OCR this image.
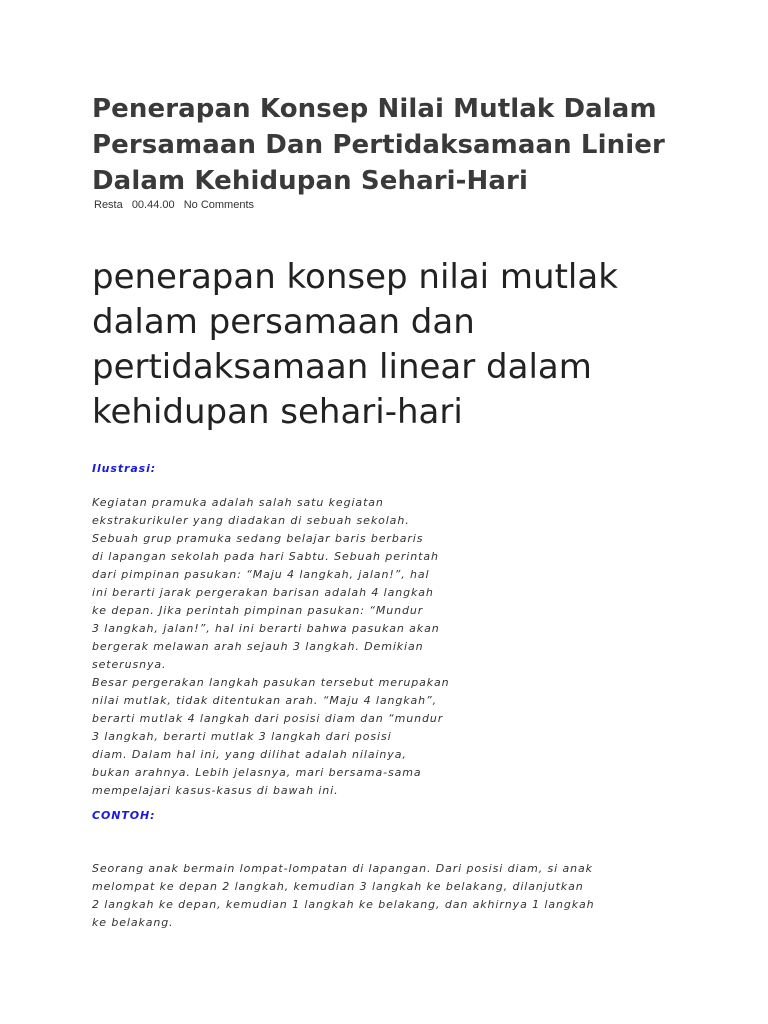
Penerapan Konsep Nilai Mutlak Dalam
Persamaan Dan Pertidaksamaan Linier
Dalam Kehidupan Sehari-Hari
Resta 00.44.00 No Comments
penerapan konsep nilai mutlak
dalam persamaan dan
pertidaksamaan linear dalam
kehidupan sehari-hari
Ilustrasi:
Kegiatan pramuka adalah salah satu kegiatan
ekstrakurikuler yang diadakan di sebuah sekolah.
Sebuah grup pramuka sedang belajar baris berbaris
di lapangan sekolah pada hari Sabtu. Sebuah perintah
dari pimpinan pasukan: “Maju 4 langkah, jalan!”, hal
ini berarti jarak pergerakan barisan adalah 4 langkah
ke depan. Jika perintah pimpinan pasukan: “Mundur
3 langkah, jalan!”, hal ini berarti bahwa pasukan akan
bergerak melawan arah sejauh 3 langkah. Demikian
seterusnya.
Besar pergerakan langkah pasukan tersebut merupakan
nilai mutlak, tidak ditentukan arah. “Maju 4 langkah”,
berarti mutlak 4 langkah dari posisi diam dan “mundur
3 langkah, berarti mutlak 3 langkah dari posisi
diam. Dalam hal ini, yang dilihat adalah nilainya,
bukan arahnya. Lebih jelasnya, mari bersama-sama
mempelajari kasus-kasus di bawah ini.
CONTOH:
Seorang anak bermain lompat-lompatan di lapangan. Dari posisi diam, si anak
melompat ke depan 2 langkah, kemudian 3 langkah ke belakang, dilanjutkan
2 langkah ke depan, kemudian 1 langkah ke belakang, dan akhirnya 1 langkah
ke belakang.
